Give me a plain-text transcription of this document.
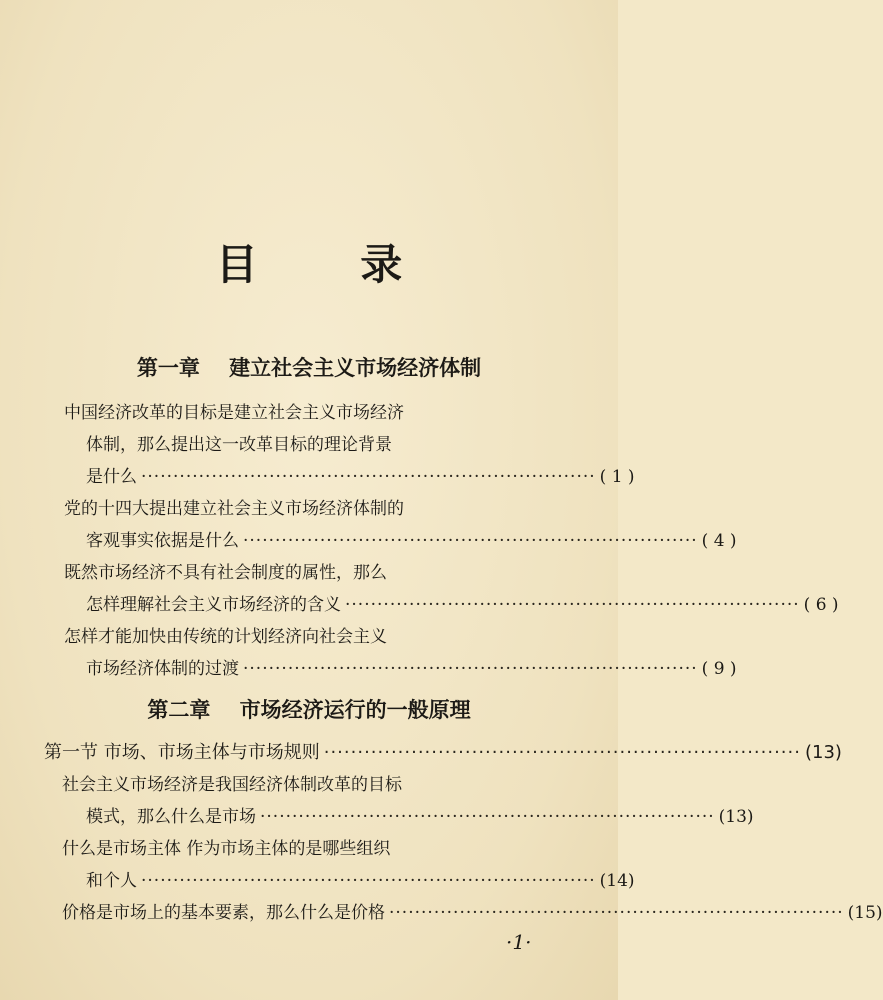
目 录
第一章 建立社会主义市场经济体制
中国经济改革的目标是建立社会主义市场经济
体制，那么提出这一改革目标的理论背景
是什么 ······································································· ( 1 )
党的十四大提出建立社会主义市场经济体制的
客观事实依据是什么 ······································································· ( 4 )
既然市场经济不具有社会制度的属性，那么
怎样理解社会主义市场经济的含义 ······································································· ( 6 )
怎样才能加快由传统的计划经济向社会主义
市场经济体制的过渡 ······································································· ( 9 )
第二章 市场经济运行的一般原理
第一节 市场、市场主体与市场规则 ······································································· (13)
社会主义市场经济是我国经济体制改革的目标
模式，那么什么是市场 ······································································· (13)
什么是市场主体 作为市场主体的是哪些组织
和个人 ······································································· (14)
价格是市场上的基本要素，那么什么是价格 ······································································· (15)
·1·
